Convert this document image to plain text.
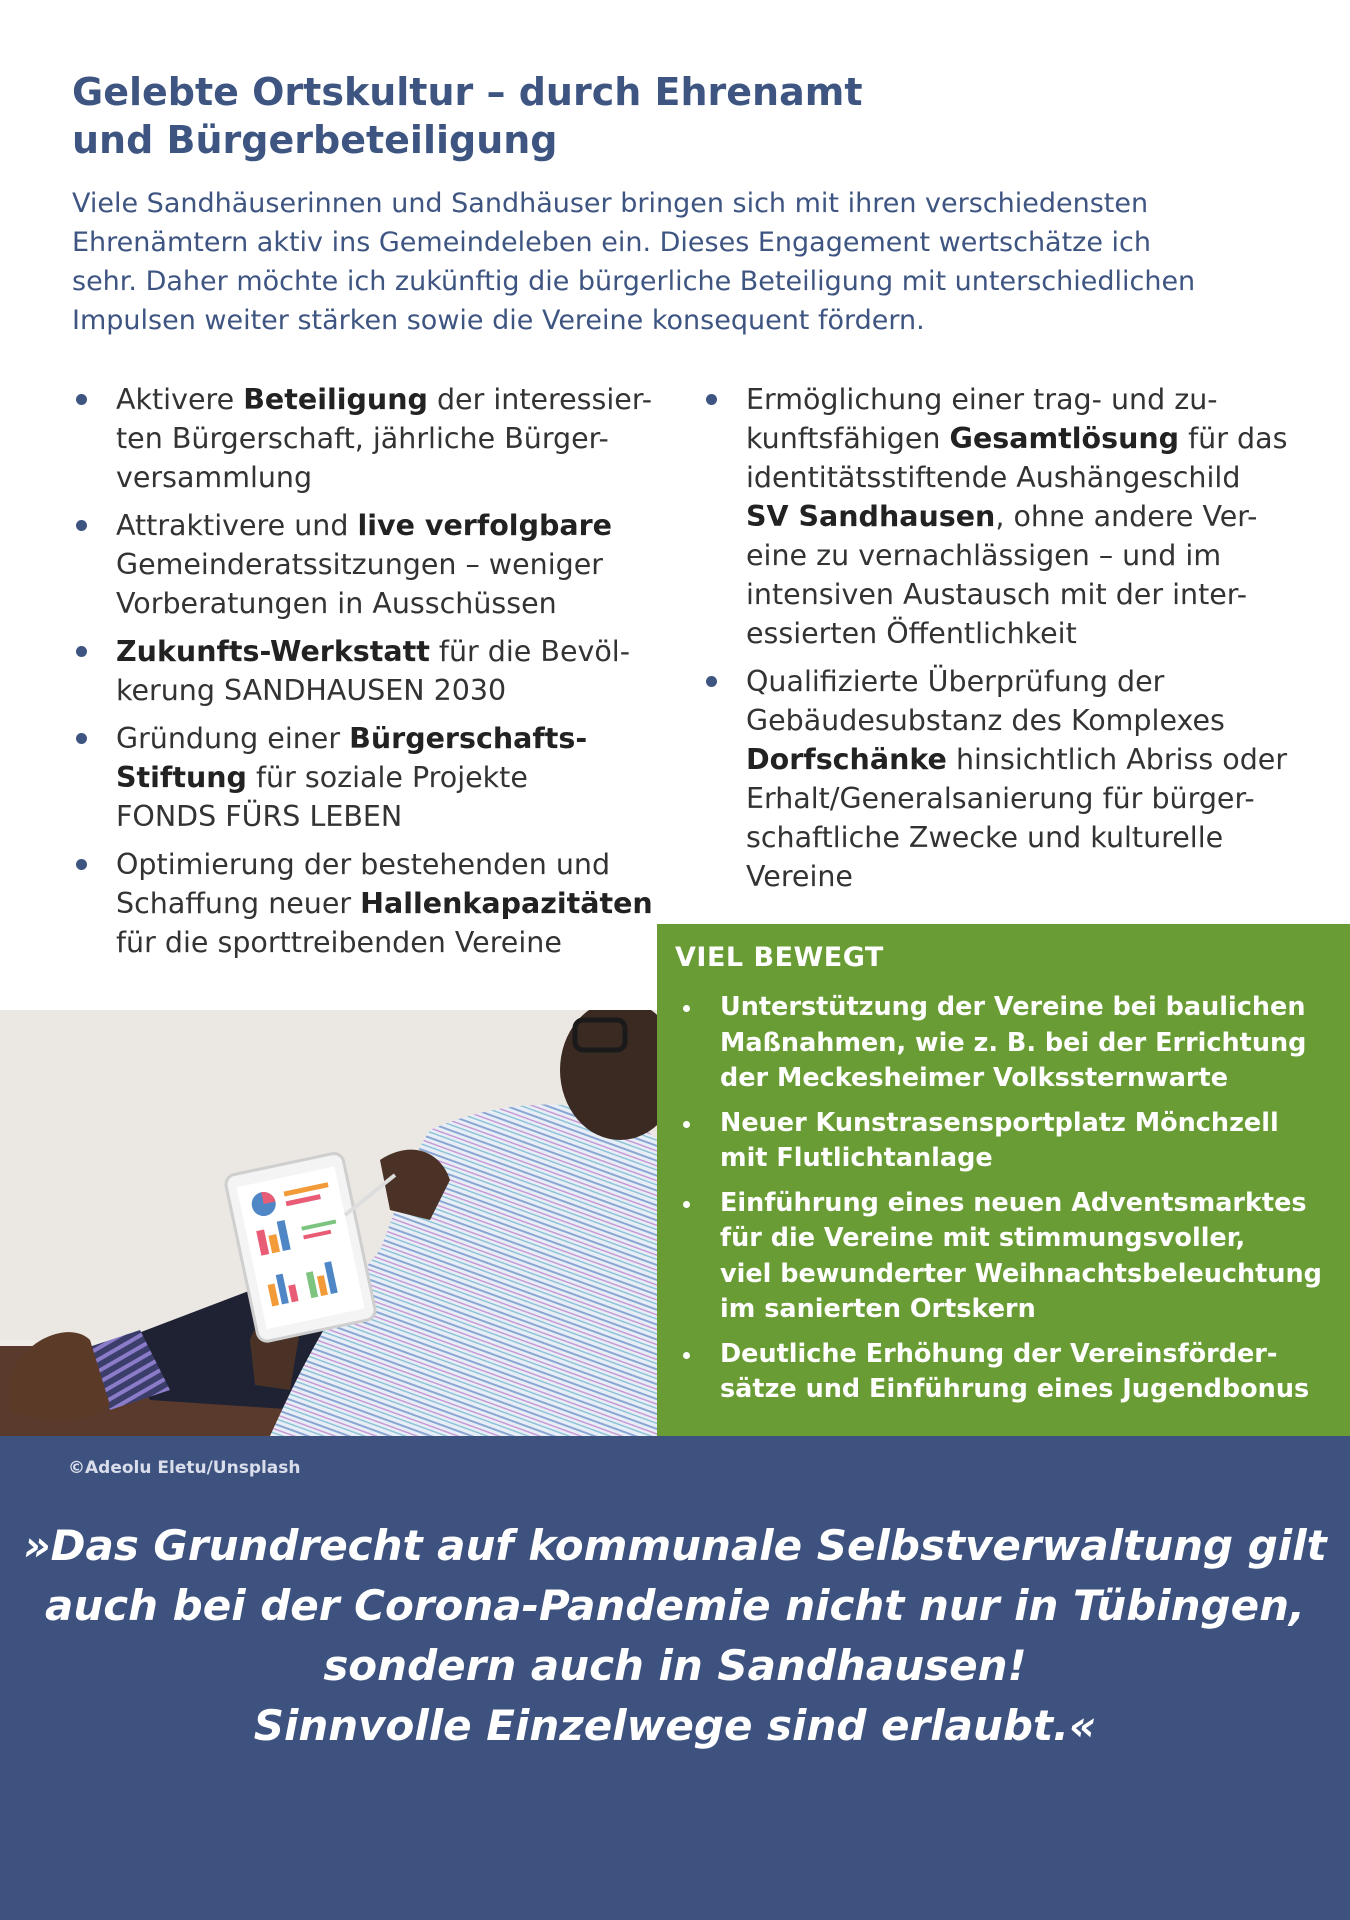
Gelebte Ortskultur – durch Ehrenamt
und Bürgerbeteiligung
Viele Sandhäuserinnen und Sandhäuser bringen sich mit ihren verschiedensten
Ehrenämtern aktiv ins Gemeindeleben ein. Dieses Engagement wertschätze ich
sehr. Daher möchte ich zukünftig die bürgerliche Beteiligung mit unterschiedlichen
Impulsen weiter stärken sowie die Vereine konsequent fördern.
Aktivere Beteiligung der interessier-
ten Bürgerschaft, jährliche Bürger-
versammlung
Attraktivere und live verfolgbare
Gemeinderatssitzungen – weniger
Vorberatungen in Ausschüssen
Zukunfts-Werkstatt für die Bevöl-
kerung SANDHAUSEN 2030
Gründung einer Bürgerschafts-
Stiftung für soziale Projekte
FONDS FÜRS LEBEN
Optimierung der bestehenden und
Schaffung neuer Hallenkapazitäten
für die sporttreibenden Vereine
Ermöglichung einer trag- und zu-
kunftsfähigen Gesamtlösung für das
identitätsstiftende Aushängeschild
SV Sandhausen, ohne andere Ver-
eine zu vernachlässigen – und im
intensiven Austausch mit der inter-
essierten Öffentlichkeit
Qualifizierte Überprüfung der
Gebäudesubstanz des Komplexes
Dorfschänke hinsichtlich Abriss oder
Erhalt/Generalsanierung für bürger-
schaftliche Zwecke und kulturelle
Vereine
VIEL BEWEGT
Unterstützung der Vereine bei baulichen
Maßnahmen, wie z. B. bei der Errichtung
der Meckesheimer Volkssternwarte
Neuer Kunstrasensportplatz Mönchzell
mit Flutlichtanlage
Einführung eines neuen Adventsmarktes
für die Vereine mit stimmungsvoller,
viel bewunderter Weihnachtsbeleuchtung
im sanierten Ortskern
Deutliche Erhöhung der Vereinsförder-
sätze und Einführung eines Jugendbonus
©Adeolu Eletu/Unsplash
»Das Grundrecht auf kommunale Selbstverwaltung gilt
auch bei der Corona-Pandemie nicht nur in Tübingen,
sondern auch in Sandhausen!
Sinnvolle Einzelwege sind erlaubt.«
